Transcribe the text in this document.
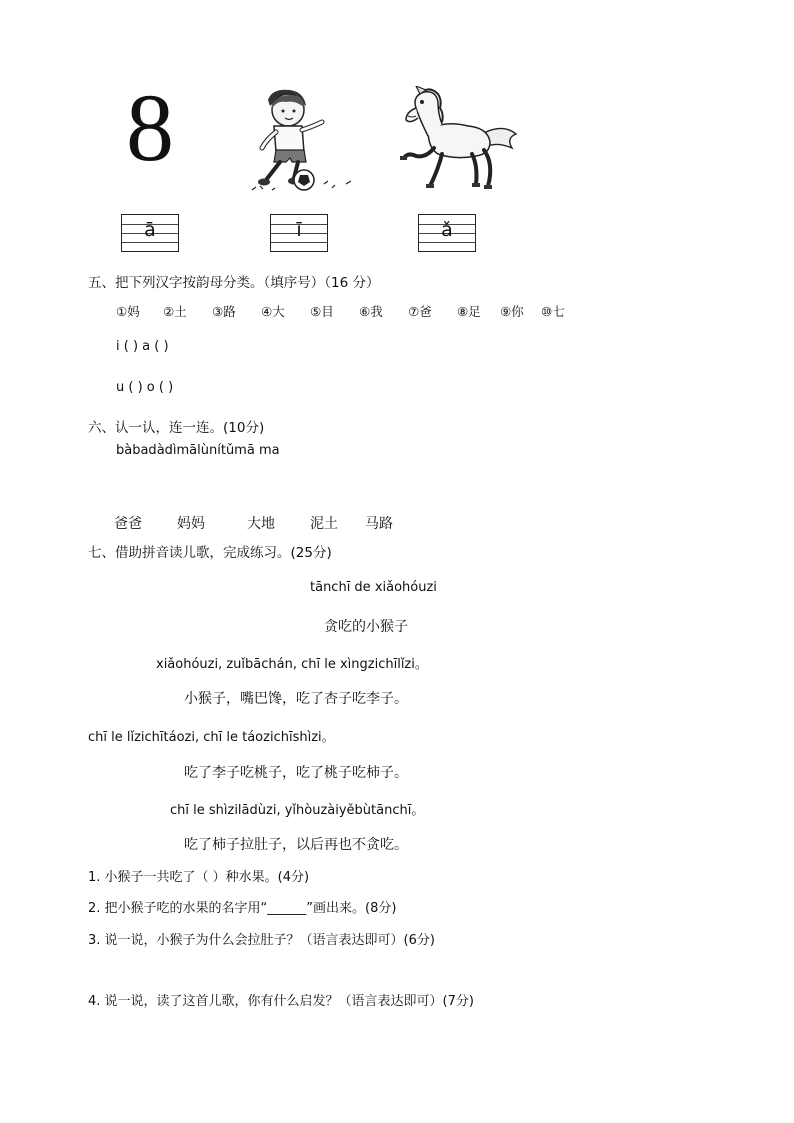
8
ā	ī	ǎ
五、把下列汉字按韵母分类。（填序号）（16 分）
①妈 ②土 ③路 ④大 ⑤目 ⑥我 ⑦爸 ⑧足 ⑨你 ⑩七
i ( ) a ( )
u ( ) o ( )
六、认一认，连一连。(10分)
bàbadàdìmālùnítǔmā ma
爸爸	妈妈	大地	泥土 马路
七、借助拼音读儿歌，完成练习。(25分)
tānchī de xiǎohóuzi
贪吃的小猴子
xiǎohóuzi, zuǐbāchán, chī le xìngzichīlǐzi。
小猴子，嘴巴馋，吃了杏子吃李子。
chī le lǐzichītáozi, chī le táozichīshìzi。
吃了李子吃桃子，吃了桃子吃柿子。
chī le shìzilādùzi, yǐhòuzàiyěbùtānchī。
吃了柿子拉肚子，以后再也不贪吃。
1. 小猴子一共吃了（ ）种水果。(4分)
2. 把小猴子吃的水果的名字用“______”画出来。(8分)
3. 说一说，小猴子为什么会拉肚子？（语言表达即可）(6分)
4. 说一说，读了这首儿歌，你有什么启发？（语言表达即可）(7分)
